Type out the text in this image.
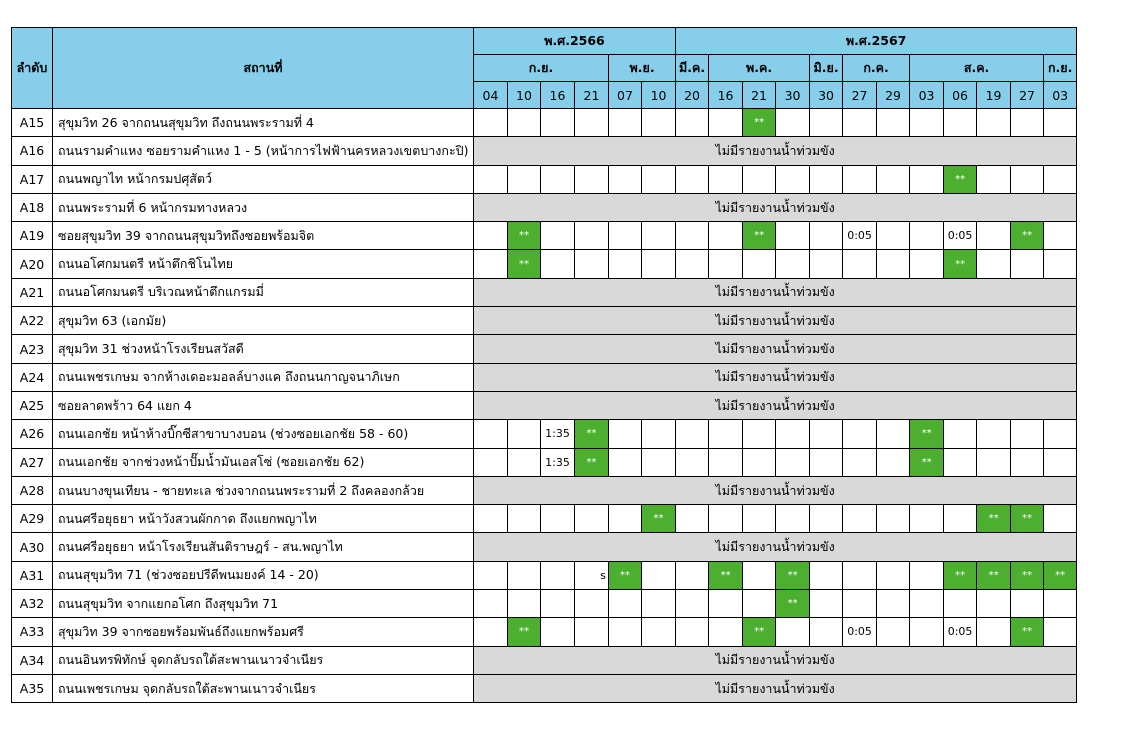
ลำดับ	สถานที่	พ.ศ.2566						พ.ศ.2567											
		ก.ย.				พ.ย.		มี.ค.	พ.ค.			มิ.ย.	ก.ค.		ส.ค.				ก.ย.
		04	10	16	21	07	10	20	16	21	30	30	27	29	03	06	19	27	03
A15	สุขุมวิท 26 จากถนนสุขุมวิท ถึงถนนพระรามที่ 4									**									
A16	ถนนรามคำแหง ซอยรามคำแหง 1 - 5 (หน้าการไฟฟ้านครหลวงเขตบางกะปิ)	ไม่มีรายงานน้ำท่วมขัง																	
A17	ถนนพญาไท หน้ากรมปศุสัตว์															**			
A18	ถนนพระรามที่ 6 หน้ากรมทางหลวง	ไม่มีรายงานน้ำท่วมขัง																	
A19	ซอยสุขุมวิท 39 จากถนนสุขุมวิทถึงซอยพร้อมจิต		**							**			0:05			0:05		**	
A20	ถนนอโศกมนตรี หน้าตึกชิโนไทย		**													**			
A21	ถนนอโศกมนตรี บริเวณหน้าตึกแกรมมี่	ไม่มีรายงานน้ำท่วมขัง																	
A22	สุขุมวิท 63 (เอกมัย)	ไม่มีรายงานน้ำท่วมขัง																	
A23	สุขุมวิท 31 ช่วงหน้าโรงเรียนสวัสดี	ไม่มีรายงานน้ำท่วมขัง																	
A24	ถนนเพชรเกษม จากห้างเดอะมอลล์บางแค ถึงถนนกาญจนาภิเษก	ไม่มีรายงานน้ำท่วมขัง																	
A25	ซอยลาดพร้าว 64 แยก 4	ไม่มีรายงานน้ำท่วมขัง																	
A26	ถนนเอกชัย หน้าห้างบิ๊กซีสาขาบางบอน (ช่วงซอยเอกชัย 58 - 60)			1:35	**										**				
A27	ถนนเอกชัย จากช่วงหน้าปั๊มน้ำมันเอสโซ่ (ซอยเอกชัย 62)			1:35	**										**				
A28	ถนนบางขุนเทียน - ชายทะเล ช่วงจากถนนพระรามที่ 2 ถึงคลองกล้วย	ไม่มีรายงานน้ำท่วมขัง																	
A29	ถนนศรีอยุธยา หน้าวังสวนผักกาด ถึงแยกพญาไท						**										**	**	
A30	ถนนศรีอยุธยา หน้าโรงเรียนสันติราษฎร์ - สน.พญาไท	ไม่มีรายงานน้ำท่วมขัง																	
A31	ถนนสุขุมวิท 71 (ช่วงซอยปรีดีพนมยงค์ 14 - 20)				s	**			**		**					**	**	**	**
A32	ถนนสุขุมวิท จากแยกอโศก ถึงสุขุมวิท 71										**								
A33	สุขุมวิท 39 จากซอยพร้อมพันธ์ถึงแยกพร้อมศรี		**							**			0:05			0:05		**	
A34	ถนนอินทรพิทักษ์ จุดกลับรถใต้สะพานเนาวจำเนียร	ไม่มีรายงานน้ำท่วมขัง																	
A35	ถนนเพชรเกษม จุดกลับรถใต้สะพานเนาวจำเนียร	ไม่มีรายงานน้ำท่วมขัง																	
